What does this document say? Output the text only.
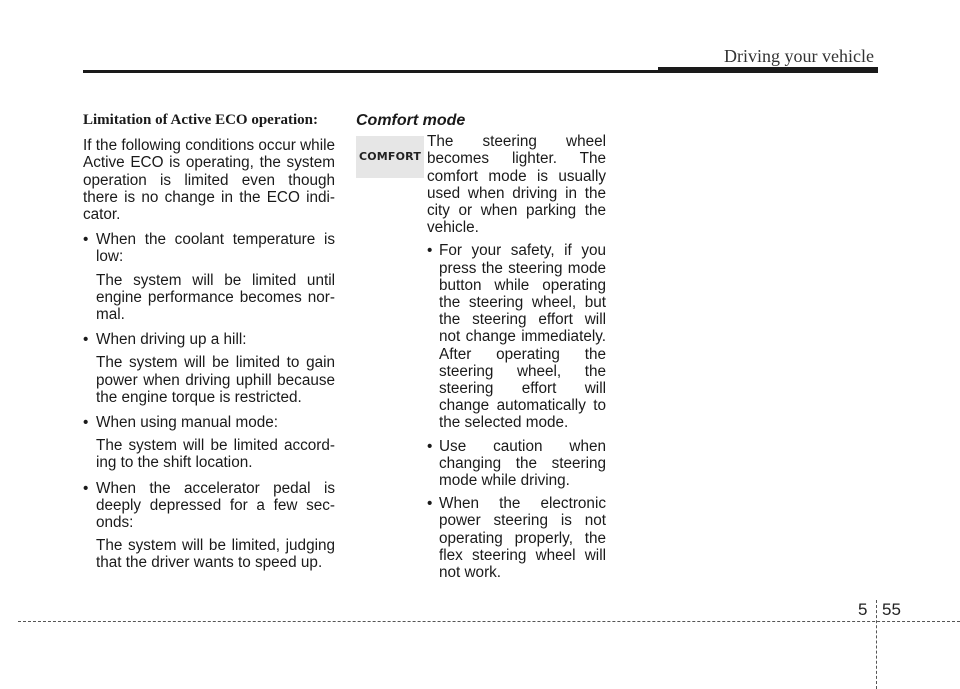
Driving your vehicle
Limitation of Active ECO operation:

If the following conditions occur while Active ECO is operating, the system operation is limited even though there is no change in the ECO indi-cator.

• When the coolant temperature is low:

The system will be limited until engine performance becomes nor-mal.

• When driving up a hill:

The system will be limited to gain power when driving uphill because the engine torque is restricted.

• When using manual mode:

The system will be limited accord-ing to the shift location.

• When the accelerator pedal is deeply depressed for a few sec-onds:

The system will be limited, judging that the driver wants to speed up.

Comfort mode
COMFORT

The steering wheel becomes lighter. The comfort mode is usually used when driving in the city or when parking the vehicle.

• For your safety, if you press the steering mode button while operating the steering wheel, but the steering effort will not change immediately. After operating the steering wheel, the steering effort will change automatically to the selected mode.

• Use caution when changing the steering mode while driving.

• When the electronic power steering is not operating properly, the flex steering wheel will not work.

5 55
